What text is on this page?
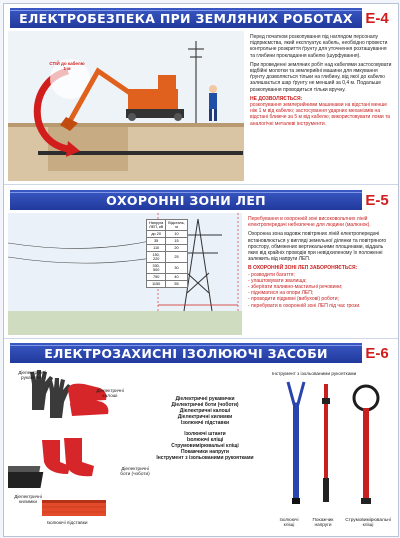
ЕЛЕКТРОБЕЗПЕКА ПРИ ЗЕМЛЯНИХ РОБОТАХ Е-4
СТІЙ до кабелю 1 м

Перед початком розкопування під наглядом персоналу підприємства, який експлуатує кабель, необхідно провести контрольне розкриття ґрунту для уточнення розташування та глибини прокладання кабелю (шурфування).

При проведенні земляних робіт над кабелями застосовувати відбійні молотки та землерийні машини для ямкування ґрунту дозволяється тільки на глибину, від якої до кабелю залишається шар ґрунту не менший за 0,4 м. Подальше розкопування проводиться тільки вручну.

НЕ ДОЗВОЛЯЄТЬСЯ:

розкопування землерийними машинами на відстані менше ніж 1 м від кабелю; застосування ударних механізмів на відстані ближче за 5 м від кабелю; використовувати ломи та аналогічні металеві інструменти.

ОХОРОННІ ЗОНИ ЛЕП	Е-5
Напруга ЛЕП, кВ	Відстань, м
до 20	10
35	15
110	20
150, 220	25
330, 500	30
750	40
1150	55

Перебування в охоронній зоні високовольтних ліній електропередачі небезпечне для людини (малюнок).

Охоронна зона вздовж повітряних ліній електропередачі встановлюється у вигляді земельної ділянки та повітряного простору, обмежених вертикальними площинами, віддаль яких від крайніх проводів при невідхиленому їх положенні залежить від напруги ЛЕП.

В ОХОРОННІЙ ЗОНІ ЛЕП ЗАБОРОНЯЄТЬСЯ:

- розводити багаття;
- улаштовувати звалища;
- зберігати паливно-мастильні речовини;
- підніматися на опори ЛЕП;
- проводити підривні (вибухові) роботи;
- перебувати в охоронній зоні ЛЕП під час грози.
ЕЛЕКТРОЗАХИСНІ ІЗОЛЮЮЧІ ЗАСОБИ	Е-6
Діелектричні рукавички
Діелектричні калоші
Діелектричні боти (чоботи)
Діелектричні килимки
Ізолюючі підставки
Діелектричні рукавички
Діелектричні боти (чоботи)
Діелектричні калоші
Діелектричні килимки
Ізолюючі підставки
Ізолюючі штанги
Ізолюючі кліщі
Струмовимірювальні кліщі
Покажчики напруги
Інструмент з ізольованими рукоятками
Інструмент з ізольованими рукоятками
Ізолюючі кліщі
Покажчик напруги
Струмовимірювальні кліщі
